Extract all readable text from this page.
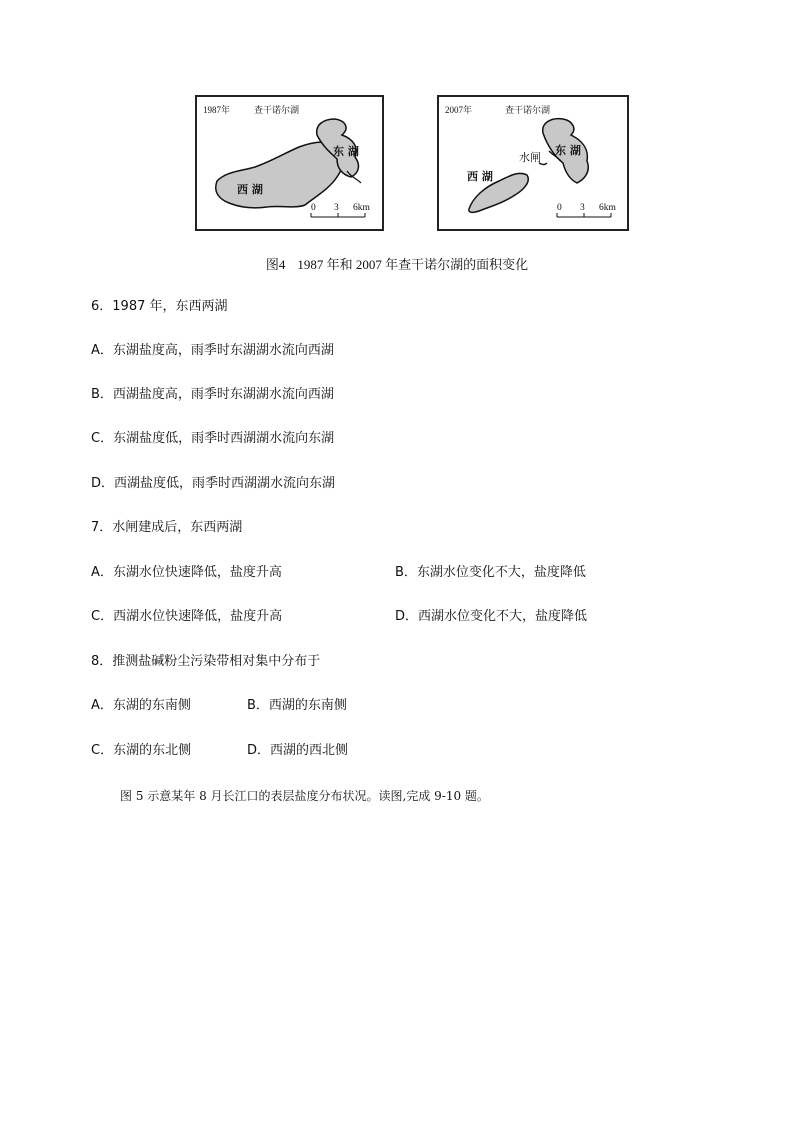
1987年	查干诺尔湖
东 湖
西 湖
0 3 6km
2007年	查干诺尔湖
东 湖
西 湖
水闸
0 3 6km
图4 1987 年和 2007 年查干诺尔湖的面积变化
6．1987 年，东西两湖
A．东湖盐度高，雨季时东湖湖水流向西湖
B．西湖盐度高，雨季时东湖湖水流向西湖
C．东湖盐度低，雨季时西湖湖水流向东湖
D．西湖盐度低，雨季时西湖湖水流向东湖
7．水闸建成后，东西两湖
A．东湖水位快速降低，盐度升高	B．东湖水位变化不大，盐度降低
C．西湖水位快速降低，盐度升高	D．西湖水位变化不大，盐度降低
8．推测盐碱粉尘污染带相对集中分布于
A．东湖的东南侧	B．西湖的东南侧
C．东湖的东北侧	D．西湖的西北侧
图 5 示意某年 8 月长江口的表层盐度分布状况。读图,完成 9-10 题。
